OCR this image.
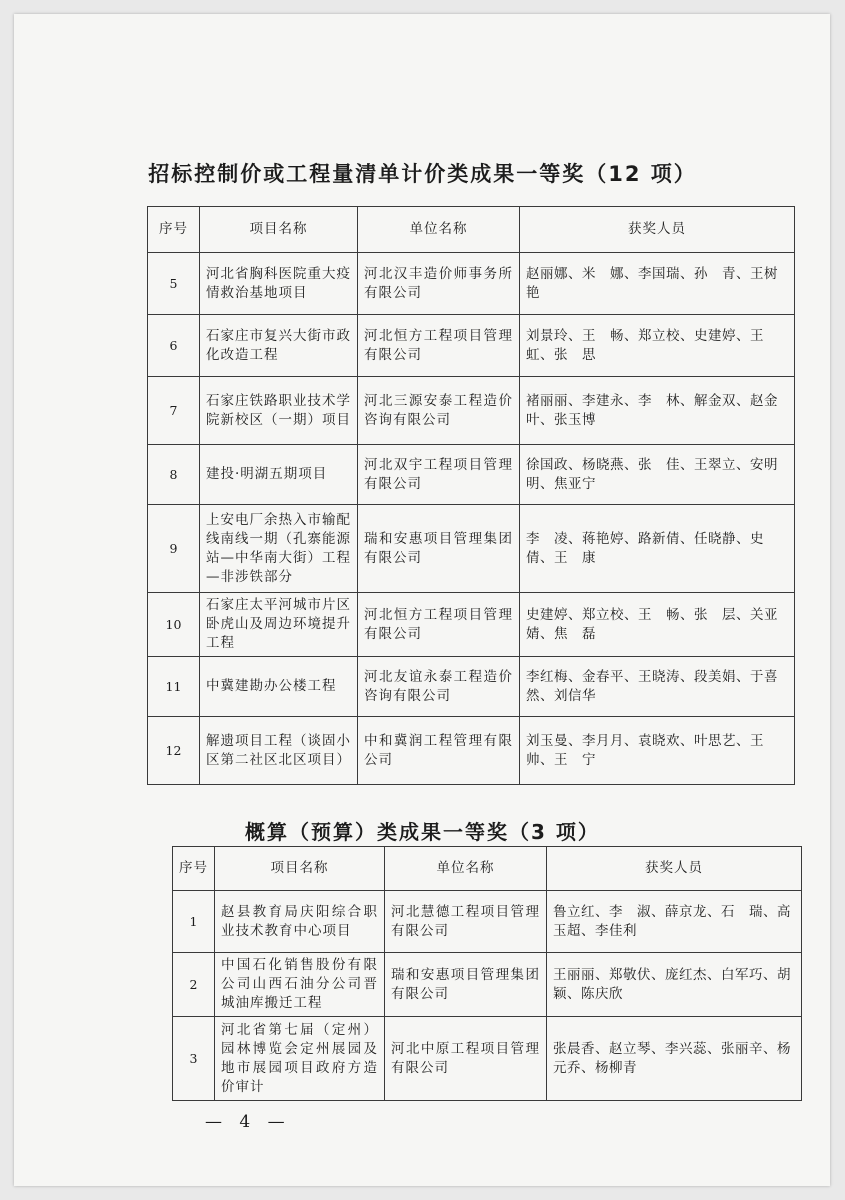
招标控制价或工程量清单计价类成果一等奖（12 项）
序号	项目名称	单位名称	获奖人员
5	河北省胸科医院重大疫情救治基地项目	河北汉丰造价师事务所有限公司	赵丽娜、米　娜、李国瑞、孙　青、王树艳
6	石家庄市复兴大街市政化改造工程	河北恒方工程项目管理有限公司	刘景玲、王　畅、郑立校、史建婷、王　虹、张　思
7	石家庄铁路职业技术学院新校区（一期）项目	河北三源安泰工程造价咨询有限公司	褚丽丽、李建永、李　林、解金双、赵金叶、张玉博
8	建投·明湖五期项目	河北双宇工程项目管理有限公司	徐国政、杨晓燕、张　佳、王翠立、安明明、焦亚宁
9	上安电厂余热入市输配线南线一期（孔寨能源站—中华南大街）工程—非涉铁部分	瑞和安惠项目管理集团有限公司	李　凌、蒋艳婷、路新倩、任晓静、史　倩、王　康
10	石家庄太平河城市片区卧虎山及周边环境提升工程	河北恒方工程项目管理有限公司	史建婷、郑立校、王　畅、张　层、关亚婧、焦　磊
11	中冀建勘办公楼工程	河北友谊永泰工程造价咨询有限公司	李红梅、金春平、王晓涛、段美娟、于喜然、刘信华
12	解遗项目工程（谈固小区第二社区北区项目）	中和冀润工程管理有限公司	刘玉曼、李月月、袁晓欢、叶思艺、王　帅、王　宁
概算（预算）类成果一等奖（3 项）
序号	项目名称	单位名称	获奖人员
1	赵县教育局庆阳综合职业技术教育中心项目	河北慧德工程项目管理有限公司	鲁立红、李　淑、薛京龙、石　瑞、高玉超、李佳利
2	中国石化销售股份有限公司山西石油分公司晋城油库搬迁工程	瑞和安惠项目管理集团有限公司	王丽丽、郑敬伏、庞红杰、白军巧、胡　颖、陈庆欣
3	河北省第七届（定州）园林博览会定州展园及地市展园项目政府方造价审计	河北中原工程项目管理有限公司	张晨香、赵立琴、李兴蕊、张丽辛、杨元乔、杨柳青
— 4 —
